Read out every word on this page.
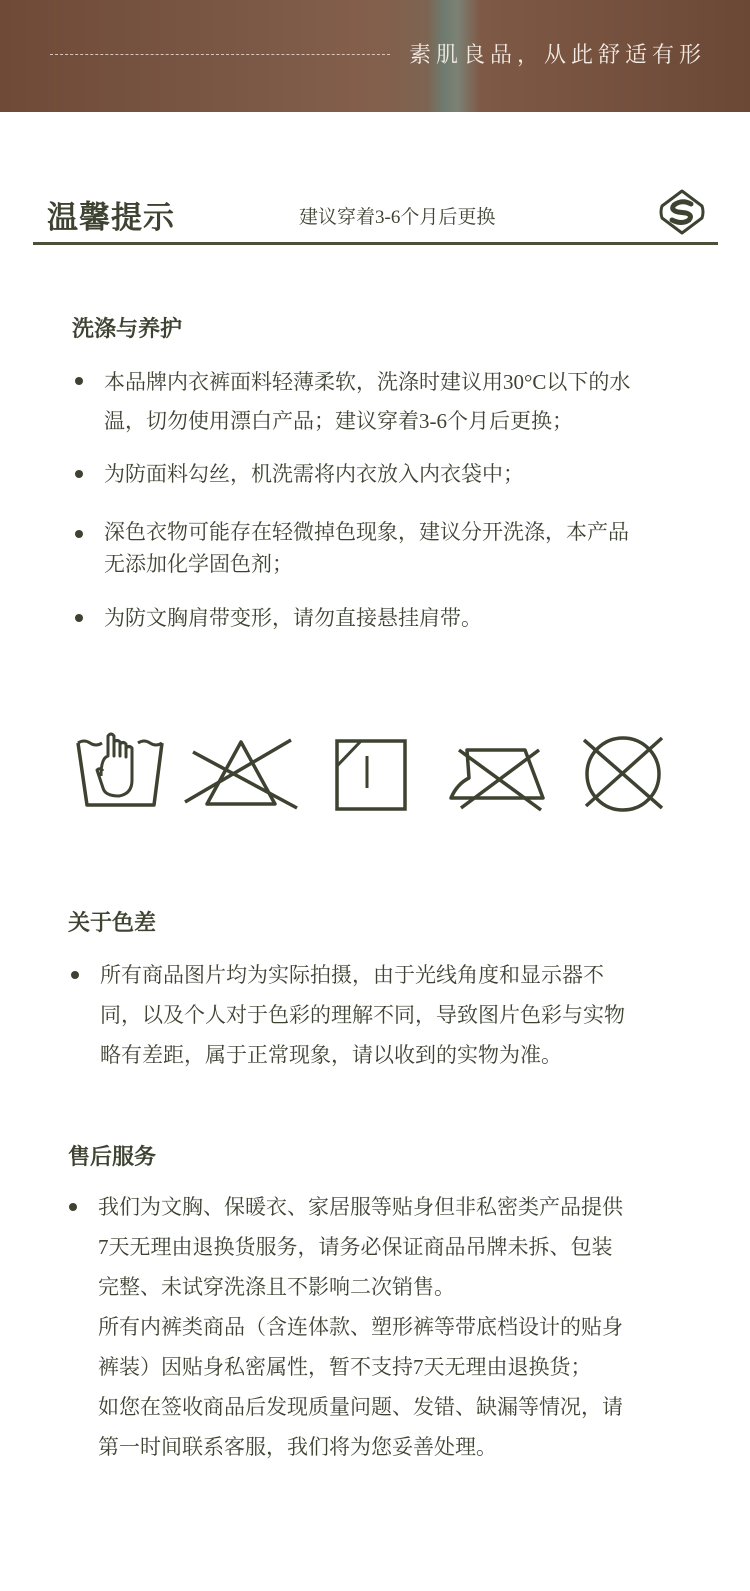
素肌良品，从此舒适有形
温馨提示	建议穿着3-6个月后更换
洗涤与养护
本品牌内衣裤面料轻薄柔软，洗涤时建议用30°C以下的水
温，切勿使用漂白产品；建议穿着3-6个月后更换；
为防面料勾丝，机洗需将内衣放入内衣袋中；
深色衣物可能存在轻微掉色现象，建议分开洗涤，本产品
无添加化学固色剂；
为防文胸肩带变形，请勿直接悬挂肩带。
关于色差
所有商品图片均为实际拍摄，由于光线角度和显示器不
同，以及个人对于色彩的理解不同，导致图片色彩与实物
略有差距，属于正常现象，请以收到的实物为准。
售后服务
我们为文胸、保暖衣、家居服等贴身但非私密类产品提供
7天无理由退换货服务，请务必保证商品吊牌未拆、包装
完整、未试穿洗涤且不影响二次销售。
所有内裤类商品（含连体款、塑形裤等带底档设计的贴身
裤装）因贴身私密属性，暂不支持7天无理由退换货；
如您在签收商品后发现质量问题、发错、缺漏等情况，请
第一时间联系客服，我们将为您妥善处理。
